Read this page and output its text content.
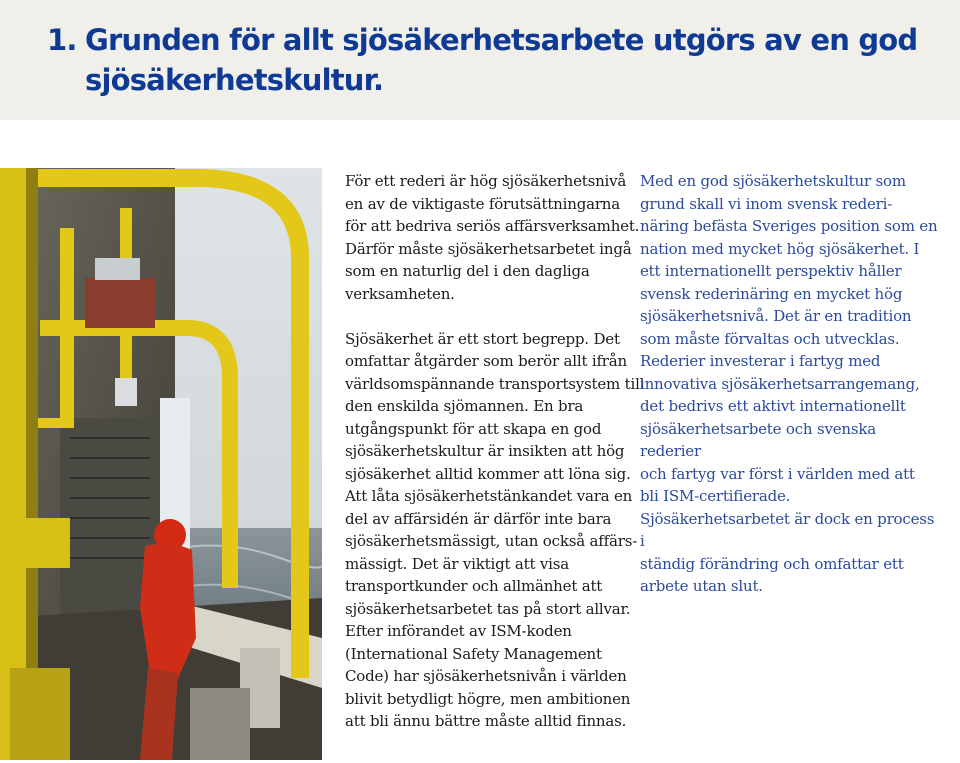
1. Grunden för allt sjösäkerhetsarbete utgörs av en god sjösäkerhetskultur.

För ett rederi är hög sjösäkerhetsnivå
en av de viktigaste förutsättningarna
för att bedriva seriös affärsverksamhet.
Därför måste sjösäkerhetsarbetet ingå
som en naturlig del i den dagliga
verksamheten.

Sjösäkerhet är ett stort begrepp. Det
omfattar åtgärder som berör allt ifrån
världsomspännande transportsystem till
den enskilda sjömannen. En bra
utgångspunkt för att skapa en god
sjösäkerhetskultur är insikten att hög
sjösäkerhet alltid kommer att löna sig.
Att låta sjösäkerhetstänkandet vara en
del av affärsidén är därför inte bara
sjösäkerhetsmässigt, utan också affärs-
mässigt. Det är viktigt att visa
transportkunder och allmänhet att
sjösäkerhetsarbetet tas på stort allvar.
Efter införandet av ISM-koden
(International Safety Management
Code) har sjösäkerhetsnivån i världen
blivit betydligt högre, men ambitionen
att bli ännu bättre måste alltid finnas.

Med en god sjösäkerhetskultur som
grund skall vi inom svensk rederi-
näring befästa Sveriges position som en
nation med mycket hög sjösäkerhet. I
ett internationellt perspektiv håller
svensk rederinäring en mycket hög
sjösäkerhetsnivå. Det är en tradition
som måste förvaltas och utvecklas.
Rederier investerar i fartyg med
innovativa sjösäkerhetsarrangemang,
det bedrivs ett aktivt internationellt
sjösäkerhetsarbete och svenska rederier
och fartyg var först i världen med att
bli ISM-certifierade.
Sjösäkerhetsarbetet är dock en process i
ständig förändring och omfattar ett
arbete utan slut.
